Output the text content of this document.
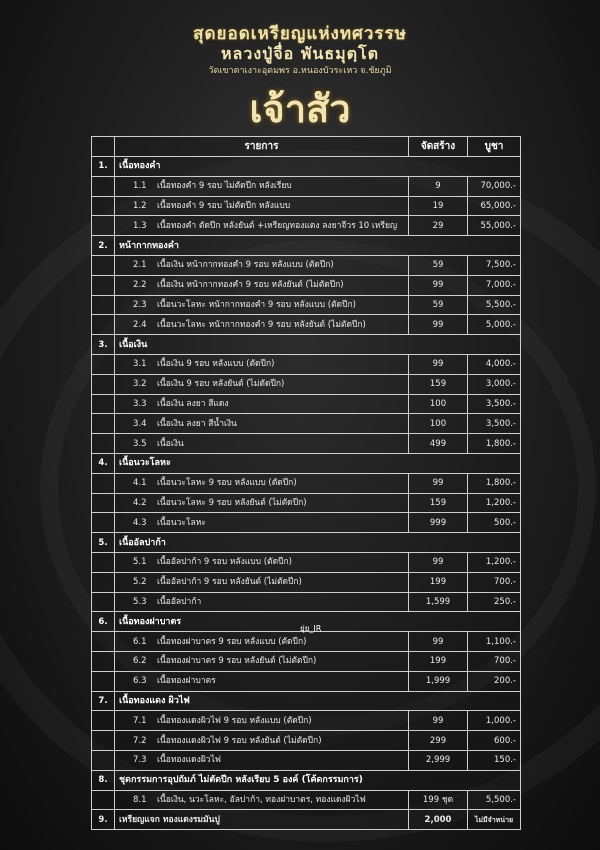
สุดยอดเหรียญแห่งทศวรรษ
หลวงปู่จื่อ พันธมุตฺโต
วัดเขาตาเงาะอุดมพร อ.หนองบัวระเหว จ.ชัยภูมิ
เจ้าสัว
	รายการ	จัดสร้าง	บูชา
1.	เนื้อทองคำ		
	1.1 เนื้อทองคำ 9 รอบ ไม่ตัดปีก หลังเรียบ	9	70,000.-
	1.2 เนื้อทองคำ 9 รอบ ไม่ตัดปีก หลังแบบ	19	65,000.-
	1.3 เนื้อทองคำ ตัดปีก หลังยันต์ +เหรียญทองแดง ลงยาจีวร 10 เหรียญ	29	55,000.-
2.	หน้ากากทองคำ		
	2.1 เนื้อเงิน หน้ากากทองคำ 9 รอบ หลังแบบ (ตัดปีก)	59	7,500.-
	2.2 เนื้อเงิน หน้ากากทองคำ 9 รอบ หลังยันต์ (ไม่ตัดปีก)	99	7,000.-
	2.3 เนื้อนวะโลหะ หน้ากากทองคำ 9 รอบ หลังแบบ (ตัดปีก)	59	5,500.-
	2.4 เนื้อนวะโลหะ หน้ากากทองคำ 9 รอบ หลังยันต์ (ไม่ตัดปีก)	99	5,000.-
3.	เนื้อเงิน		
	3.1 เนื้อเงิน 9 รอบ หลังแบบ (ตัดปีก)	99	4,000.-
	3.2 เนื้อเงิน 9 รอบ หลังยันต์ (ไม่ตัดปีก)	159	3,000.-
	3.3 เนื้อเงิน ลงยา สีแดง	100	3,500.-
	3.4 เนื้อเงิน ลงยา สีน้ำเงิน	100	3,500.-
	3.5 เนื้อเงิน	499	1,800.-
4.	เนื้อนวะโลหะ		
	4.1 เนื้อนวะโลหะ 9 รอบ หลังแบบ (ตัดปีก)	99	1,800.-
	4.2 เนื้อนวะโลหะ 9 รอบ หลังยันต์ (ไม่ตัดปีก)	159	1,200.-
	4.3 เนื้อนวะโลหะ	999	500.-
5.	เนื้ออัลปาก้า		
	5.1 เนื้ออัลปาก้า 9 รอบ หลังแบบ (ตัดปีก)	99	1,200.-
	5.2 เนื้ออัลปาก้า 9 รอบ หลังยันต์ (ไม่ตัดปีก)	199	700.-
	5.3 เนื้ออัลปาก้า	1,599	250.-
6.	เนื้อทองฝาบาตร		
	6.1 เนื้อทองฝาบาตร 9 รอบ หลังแบบ (ตัดปีก)	99	1,100.-
	6.2 เนื้อทองฝาบาตร 9 รอบ หลังยันต์ (ไม่ตัดปีก)	199	700.-
	6.3 เนื้อทองฝาบาตร	1,999	200.-
7.	เนื้อทองแดง ผิวไฟ		
	7.1 เนื้อทองแดงผิวไฟ 9 รอบ หลังแบบ (ตัดปีก)	99	1,000.-
	7.2 เนื้อทองแดงผิวไฟ 9 รอบ หลังยันต์ (ไม่ตัดปีก)	299	600.-
	7.3 เนื้อทองแดงผิวไฟ	2,999	150.-
8.	ชุดกรรมการอุปถัมภ์ ไม่ตัดปีก หลังเรียบ 5 องค์ (โค้ดกรรมการ)		
	8.1 เนื้อเงิน, นวะโลหะ, อัลปาก้า, ทองฝาบาตร, ทองแดงผิวไฟ	199 ชุด	5,500.-
9.	เหรียญแจก ทองแดงรมมันปู	2,000	ไม่มีจำหน่าย
ยุ่ย_IR
